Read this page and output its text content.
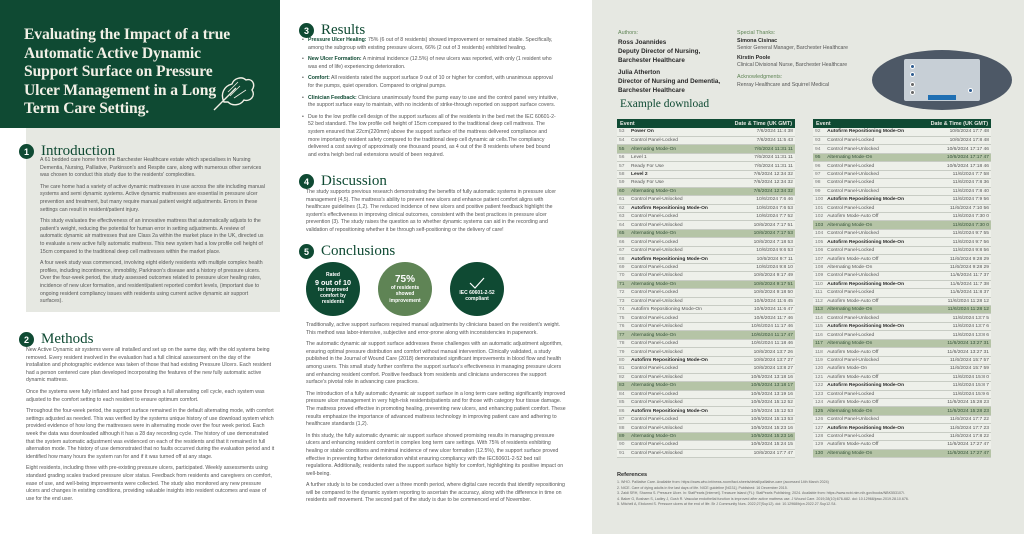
Evaluating the Impact of a true Automatic Active Dynamic Support Surface on Pressure Ulcer Management in a Long Term Care Setting.
1 Introduction

A 61 bedded care home from the Barchester Healthcare estate which specialises in Nursing Dementia, Nursing, Palliative, Parkinson's and Respite care, along with numerous other services was chosen to conduct this study due to the residents' complexities.

The care home had a variety of active dynamic mattresses in use across the site including manual systems and semi dynamic systems. Active dynamic mattresses are essential in pressure ulcer prevention and treatment, but many require manual patient weight adjustments. Errors in these settings can result in resident/patient injury.

This study evaluates the effectiveness of an innovative mattress that automatically adjusts to the patient's weight, reducing the potential for human error in setting adjustments. A review of automatic dynamic air mattresses that are Class 2a within the market place in the UK, directed us to evaluate a new active fully automatic mattress. This new system had a low profile cell height of 15cm compared to the traditional deep cell mattresses within the market place.

A four week study was commenced, involving eight elderly residents with multiple complex health profiles, including incontinence, immobility, Parkinson's disease and a history of pressure ulcers. Over the four-week period, the study assessed outcomes related to pressure ulcer healing rates, incidence of new ulcer formation, and resident/patient reported comfort levels, (important due to ongoing resident compliancy issues with residents using current active dynamic air support surfaces).

2 Methods

New Active Dynamic air systems were all installed and set up on the same day, with the old systems being removed. Every resident involved in the evaluation had a full clinical assessment on the day of the installation and photographic evidence was taken of those that had existing Pressure Ulcers. Each resident had a person centered care plan developed incorporating the features of the new fully automatic active dynamic mattress.

Once the systems were fully inflated and had gone through a full alternating cell cycle, each system was adjusted to the comfort setting to each resident to ensure optimum comfort.

Throughout the four-week period, the support surface remained in the default alternating mode, with comfort settings adjusted as needed. This was verified by the systems unique history of use download system which provided evidence of how long the mattresses were in alternating mode over the four week period. Each week the data was downloaded although it has a 28 day recording cycle. The history of use demonstrated that the system automatic adjustment was evidenced on each of the residents and that it remained in full alternation mode. The history of use demonstrated that no faults occurred during the evaluation period and it identified how many hours the system ran for and if it was turned off at any stage.

Eight residents, including three with pre-existing pressure ulcers, participated. Weekly assessments using standard grading scales tracked pressure ulcer status. Feedback from residents and caregivers on comfort, ease of use, and well-being improvements were collected. The study also monitored any new pressure ulcers and changes in existing conditions, providing valuable insights into resident outcomes and ease of use for the end user.

3 Results
• Pressure Ulcer Healing: 75% (6 out of 8 residents) showed improvement or remained stable. Specifically, among the subgroup with existing pressure ulcers, 66% (2 out of 3 residents) exhibited healing.
• New Ulcer Formation: A minimal incidence (12.5%) of new ulcers was reported, with only (1 resident who was end of life) experiencing deterioration.
• Comfort: All residents rated the support surface 9 out of 10 or higher for comfort, with unanimous approval for the pumps, quiet operation. Compared to original pumps.
• Clinician Feedback: Clinicians unanimously found the pump easy to use and the control panel very intuitive, the support surface easy to maintain, with no incidents of strike-through reported on support surface covers.
• Due to the low profile cell design of the support surfaces all of the residents in the bed met the IEC 60601-2-52 bed standard. The low profile cell height of 15cm compared to the traditional deep cell mattress. The system ensured that 22cm(220mm) above the support surface of the mattress delivered compliance and more importantly resident safety compared to the traditional deep cell dynamic air cells.The compliancy delivered a cost saving of approximatly one thousand pound, as 4 out of the 8 residents where bed bound and extra heigh bed rail extensions would of been required.
4 Discussion

The study supports previous research demonstrating the benefits of fully automatic systems in pressure ulcer management (4,5). The mattress's ability to prevent new ulcers and enhance patient comfort aligns with healthcare guidelines (1,2). The reduced incidence of new ulcers and positive patient feedback highlight the system's effectiveness in improving clinical outcomes, consistent with the best practices in pressure ulcer prevention (3). The study raises the question as to whether dynamic systems can aid in the recording and validation of repositioning whether it be through self-positioning or the delivery of care!

5 Conclusions
Rated
9 out of 10
for improved comfort by residents
75%
of residents showed improvement
IEC 60601-2-52
compliant

Traditionally, active support surfaces required manual adjustments by clinicians based on the resident's weight. This method was labor-intensive, subjective and error-prone along with inconsistencies in paperwork.

The automatic dynamic air support surface addresses these challenges with an automatic adjustment algorithm, ensuring optimal pressure distribution and comfort without manual intervention. Clinically validated, a study published in the Journal of Wound Care (2018) demonstrated significant improvements in blood flow and health among users. This small study further confirms the support surface's effectiveness in managing pressure ulcers and enhancing resident comfort. Positive feedback from residents and clinicians underscores the support surface's pivotal role in advancing care practices.

The introduction of a fully automatic dynamic air support surface in a long term care setting significantly improved pressure ulcer management in very high-risk residents/patients and for those with category four tissue damage. The mattress proved effective in promoting healing, preventing new ulcers, and enhancing patient comfort. These results emphasize the importance of advanced mattress technology in improving patient care and adhering to healthcare standards (1,2).

In this study, the fully automatic dynamic air support surface showed promising results in managing pressure ulcers and enhancing resident comfort in complex long term care settings. With 75% of residents exhibiting healing or stable conditions and minimal incidence of new ulcer formation (12.5%), the support surface proved effective in preventing further deterioration whilst ensuring compliancy with the IEC60601-2-52 bed rail regulations. Additionally, residents rated the support surface highly for comfort, highlighting its positive impact on well-being.

A further study is to be conducted over a three month period, where digital care records that identify repositioning will be compared to the dynamic system reporting to ascertain the accuracy, along with the difference in time on residents self movement. The second part of the study is due to be commenced end of November.

Authors:
Ross Joannides
Deputy Director of Nursing,
Barchester Healthcare
Julia Atherton
Director of Nursing and Dementia,
Barchester Healthcare
Special Thanks:
Simona Cisinac
Senior General Manager, Barchester Healthcare
Kirstin Poole
Clinical Divisional Nurse, Barchester Healthcare
Acknowledgments:
Renray Healthcare and Squirrel Medical
Example download
Event		Date & Time (UK GMT)
53	Power On	7/6/2024 11:4 38
54	Control Panel-Locked	7/6/2024 11:5 43
55	Alternating Mode-On	7/6/2024 11:31 11
56	Level 1	7/6/2024 11:31 11
57	Ready For Use	7/6/2024 11:31 11
58	Level 2	7/6/2024 12:34 32
59	Ready For Use	7/6/2024 12:34 32
60	Alternating Mode-On	7/6/2024 12:34 32
61	Control Panel-Unlocked	10/6/2024 7:6 46
62	Autofirm Repositioning Mode-On	10/6/2024 7:6 53
63	Control Panel-Locked	10/6/2024 7:7 52
64	Control Panel-Unlocked	10/6/2024 7:17 51
65	Alternating Mode-On	10/6/2024 7:17 53
66	Control Panel-Locked	10/6/2024 7:18 53
67	Control Panel-Unlocked	10/6/2024 9:6 53
68	Autofirm Repositioning Mode-On	10/6/2024 9:7 11
69	Control Panel-Locked	10/6/2024 9:8 10
70	Control Panel-Unlocked	10/6/2024 9:17 49
71	Alternating Mode-On	10/6/2024 9:17 51
72	Control Panel-Locked	10/6/2024 9:18 50
73	Control Panel-Unlocked	10/6/2024 11:6 45
74	Autofirm Repositioning Mode-On	10/6/2024 11:6 47
75	Control Panel-Locked	10/6/2024 11:7 46
76	Control Panel-Unlocked	10/6/2024 11:17 46
77	Alternating Mode-On	10/6/2024 11:17 47
78	Control Panel-Locked	10/6/2024 11:18 46
79	Control Panel-Unlocked	10/6/2024 13:7 26
80	Autofirm Repositioning Mode-On	10/6/2024 13:7 27
81	Control Panel-Locked	10/6/2024 13:8 27
82	Control Panel-Unlocked	10/6/2024 13:18 16
83	Alternating Mode-On	10/6/2024 13:18 17
84	Control Panel-Locked	10/6/2024 13:19 16
85	Control Panel-Unlocked	10/6/2024 15:12 52
86	Autofirm Repositioning Mode-On	10/6/2024 15:12 53
87	Control Panel-Locked	10/6/2024 15:13 53
88	Control Panel-Unlocked	10/6/2024 15:23 16
89	Alternating Mode-On	10/6/2024 15:23 16
90	Control Panel-Locked	10/6/2024 15:24 15
91	Control Panel-Unlocked	10/6/2024 17:7 47
Event		Date & Time (UK GMT)
92	Autofirm Repositioning Mode-On	10/6/2024 17:7 48
93	Control Panel-Locked	10/6/2024 17:8 48
94	Control Panel-Unlocked	10/6/2024 17:17 46
95	Alternating Mode-On	10/6/2024 17:17 47
96	Control Panel-Locked	10/6/2024 17:18 46
97	Control Panel-Unlocked	11/6/2024 7:7 58
98	Control Panel-Locked	11/6/2024 7:8 36
99	Control Panel-Unlocked	11/6/2024 7:8 40
100	Autofirm Repositioning Mode-On	11/6/2024 7:9 56
101	Control Panel-Locked	11/6/2024 7:10 56
102	Autofirm Mode-Auto Off	11/6/2024 7:30 0
103	Alternating Mode-On	11/6/2024 7:30 0
104	Control Panel-Unlocked	11/6/2024 9:7 55
105	Autofirm Repositioning Mode-On	11/6/2024 9:7 56
106	Control Panel-Locked	11/6/2024 9:8 56
107	Autofirm Mode-Auto Off	11/6/2024 9:28 29
108	Alternating Mode-On	11/6/2024 9:28 29
109	Control Panel-Unlocked	11/6/2024 11:7 37
110	Autofirm Repositioning Mode-On	11/6/2024 11:7 38
111	Control Panel-Locked	11/6/2024 11:8 37
112	Autofirm Mode-Auto Off	11/6/2024 11:28 12
113	Alternating Mode-On	11/6/2024 11:28 12
114	Control Panel-Unlocked	11/6/2024 13:7 5
115	Autofirm Repositioning Mode-On	11/6/2024 13:7 6
116	Control Panel-Locked	11/6/2024 13:8 6
117	Alternating Mode-On	11/6/2024 13:27 31
118	Autofirm Mode-Auto Off	11/6/2024 13:27 31
119	Control Panel-Unlocked	11/6/2024 15:7 57
120	Autofirm Mode-On	11/6/2024 15:7 59
121	Autofirm Mode-Auto Off	11/6/2024 15:8 0
122	Autofirm Repositioning Mode-On	11/6/2024 15:8 7
123	Control Panel-Locked	11/6/2024 15:9 6
124	Autofirm Mode-Auto Off	11/6/2024 15:28 23
125	Alternating Mode-On	11/6/2024 15:28 23
126	Control Panel-Unlocked	11/6/2024 17:7 22
127	Autofirm Repositioning Mode-On	11/6/2024 17:7 23
128	Control Panel-Locked	11/6/2024 17:8 22
129	Autofirm Mode-Auto Off	11/6/2024 17:27 47
130	Alternating Mode-On	11/6/2024 17:27 47
References
1. WHO. Palliative Care. Available from: https://www.who.int/news-room/fact-sheets/detail/palliative-care (accessed 14th March 2024)
2. NICE. Care of dying adults in the last days of life. NICE guideline [NG31]. Published: 16 December 2015.
3. Zaidi SRH, Sharma S. Pressure Ulcer. In: StatPearls [Internet]. Treasure Island (FL): StatPearls Publishing; 2024. Available from: https://www.ncbi.nlm.nih.gov/books/NBK553107/.
4. Baker G, Bosham S, Ladley J, Gush R. Vascular endothelial function is improved after active mattress use. J Wound Care. 2019;28(10):676-682. doi: 10.12968/jowc.2019.28.10.676.
5. Mitchell A, Ebdunmi S. Pressure ulcers at the end of life. Br J Community Nurs. 2022;27(Sup12). doi: 10.12968/bjcn.2022.27.Sup12.S4.
